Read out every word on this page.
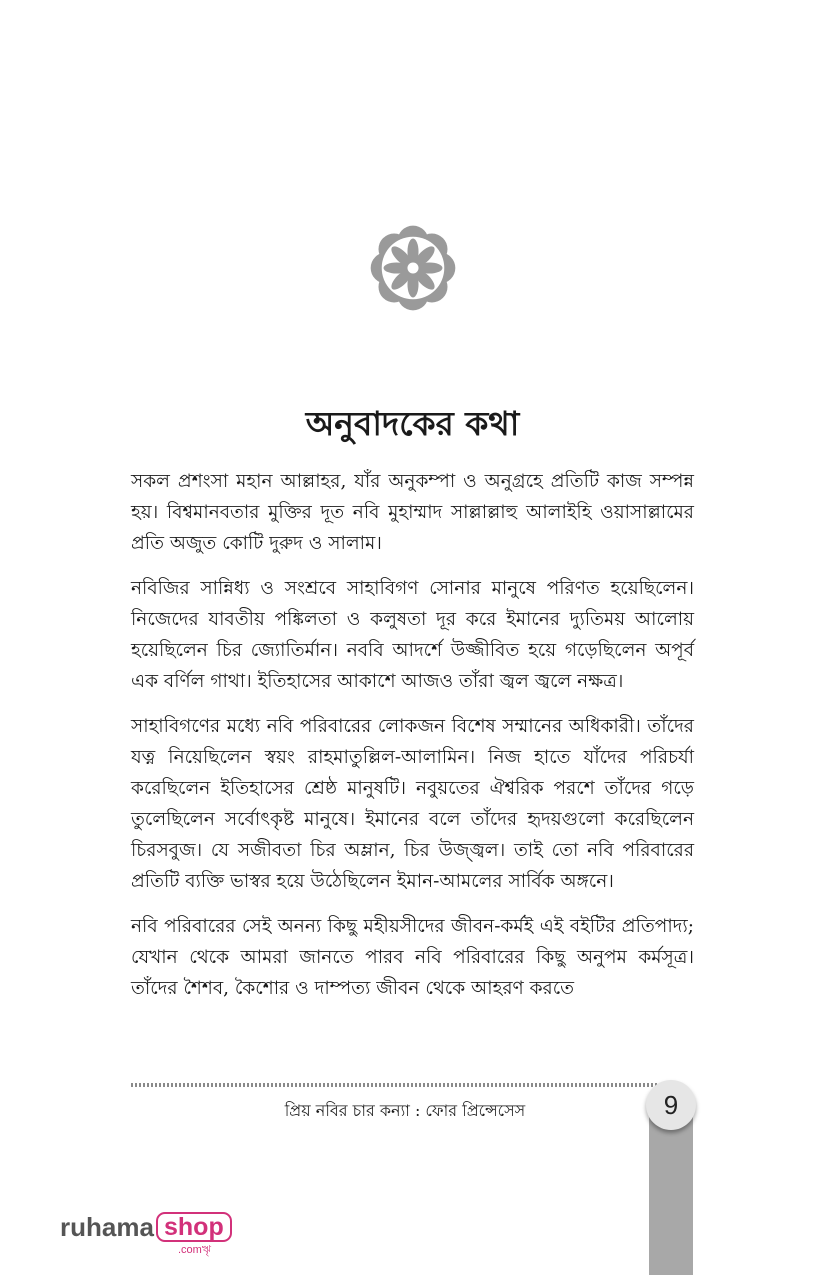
অনুবাদকের কথা

সকল প্রশংসা মহান আল্লাহর, যাঁর অনুকম্পা ও অনুগ্রহে প্রতিটি কাজ সম্পন্ন হয়। বিশ্বমানবতার মুক্তির দূত নবি মুহাম্মাদ সাল্লাল্লাহু আলাইহি ওয়াসাল্লামের প্রতি অজুত কোটি দুরুদ ও সালাম।

নবিজির সান্নিধ্য ও সংশ্রবে সাহাবিগণ সোনার মানুষে পরিণত হয়েছিলেন। নিজেদের যাবতীয় পঙ্কিলতা ও কলুষতা দূর করে ইমানের দ্যুতিময় আলোয় হয়েছিলেন চির জ্যোতির্মান। নববি আদর্শে উজ্জীবিত হয়ে গড়েছিলেন অপূর্ব এক বর্ণিল গাথা। ইতিহাসের আকাশে আজও তাঁরা জ্বল জ্বলে নক্ষত্র।

সাহাবিগণের মধ্যে নবি পরিবারের লোকজন বিশেষ সম্মানের অধিকারী। তাঁদের যত্ন নিয়েছিলেন স্বয়ং রাহমাতুল্লিল-আলামিন। নিজ হাতে যাঁদের পরিচর্যা করেছিলেন ইতিহাসের শ্রেষ্ঠ মানুষটি। নবুয়তের ঐশ্বরিক পরশে তাঁদের গড়ে তুলেছিলেন সর্বোৎকৃষ্ট মানুষে। ইমানের বলে তাঁদের হৃদয়গুলো করেছিলেন চিরসবুজ। যে সজীবতা চির অম্লান, চির উজ্জ্বল। তাই তো নবি পরিবারের প্রতিটি ব্যক্তি ভাস্বর হয়ে উঠেছিলেন ইমান-আমলের সার্বিক অঙ্গনে।

নবি পরিবারের সেই অনন্য কিছু মহীয়সীদের জীবন-কর্মই এই বইটির প্রতিপাদ্য; যেখান থেকে আমরা জানতে পারব নবি পরিবারের কিছু অনুপম কর্মসূত্র। তাঁদের শৈশব, কৈশোর ও দাম্পত্য জীবন থেকে আহরণ করতে

প্রিয় নবির চার কন্যা : ফোর প্রিন্সেসেস	9
ruhama shop
.comৠ
